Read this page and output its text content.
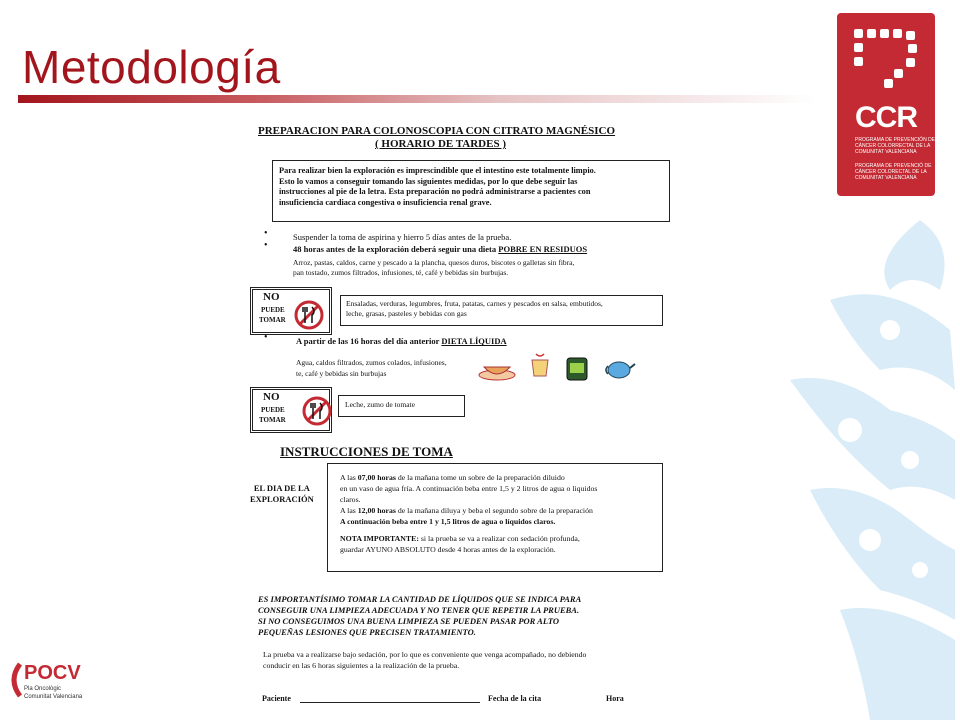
Metodología
CCR
PROGRAMA DE PREVENCIÓN DE CÁNCER COLORRECTAL DE LA COMUNITAT VALENCIANA
PROGRAMA DE PREVENCIÓ DE CÀNCER COLORECTAL DE LA COMUNITAT VALENCIANA
POCV
Pla Oncològic
Comunitat Valenciana
PREPARACION PARA COLONOSCOPIA CON CITRATO MAGNÉSICO
( HORARIO DE TARDES )
Para realizar bien la exploración es imprescindible que el intestino este totalmente limpio.
Esto lo vamos a conseguir tomando las siguientes medidas, por lo que debe seguir las
instrucciones al pie de la letra. Esta preparación no podrá administrarse a pacientes con
insuficiencia cardiaca congestiva o insuficiencia renal grave.
•
•
Suspender la toma de aspirina y hierro 5 días antes de la prueba.
48 horas antes de la exploración deberá seguir una dieta POBRE EN RESIDUOS
Arroz, pastas, caldos, carne y pescado a la plancha, quesos duros, biscotes o galletas sin fibra,
pan tostado, zumos filtrados, infusiones, té, café y bebidas sin burbujas.
NO
PUEDE
TOMAR
Ensaladas, verduras, legumbres, fruta, patatas, carnes y pescados en salsa, embutidos,
leche, grasas, pasteles y bebidas con gas
•	A partir de las 16 horas del día anterior DIETA LÍQUIDA
Agua, caldos filtrados, zumos colados, infusiones,
te, café y bebidas sin burbujas
NO
PUEDE
TOMAR
Leche, zumo de tomate
INSTRUCCIONES DE TOMA
EL DIA DE LA
EXPLORACIÓN
A las 07,00 horas de la mañana tome un sobre de la preparación diluido
en un vaso de agua fría. A continuación beba entre 1,5 y 2 litros de agua o liquidos
claros.
A las 12,00 horas de la mañana diluya y beba el segundo sobre de la preparación
A continuación beba entre 1 y 1,5 litros de agua o líquidos claros.
NOTA IMPORTANTE: si la prueba se va a realizar con sedación profunda,
guardar AYUNO ABSOLUTO desde 4 horas antes de la exploración.
ES IMPORTANTÍSIMO TOMAR LA CANTIDAD DE LÍQUIDOS QUE SE INDICA PARA
CONSEGUIR UNA LIMPIEZA ADECUADA Y NO TENER QUE REPETIR LA PRUEBA.
SI NO CONSEGUIMOS UNA BUENA LIMPIEZA SE PUEDEN PASAR POR ALTO
PEQUEÑAS LESIONES QUE PRECISEN TRATAMIENTO.
La prueba va a realizarse bajo sedación, por lo que es conveniente que venga acompañado, no debiendo
conducir en las 6 horas siguientes a la realización de la prueba.
Paciente	Fecha de la cita	Hora
